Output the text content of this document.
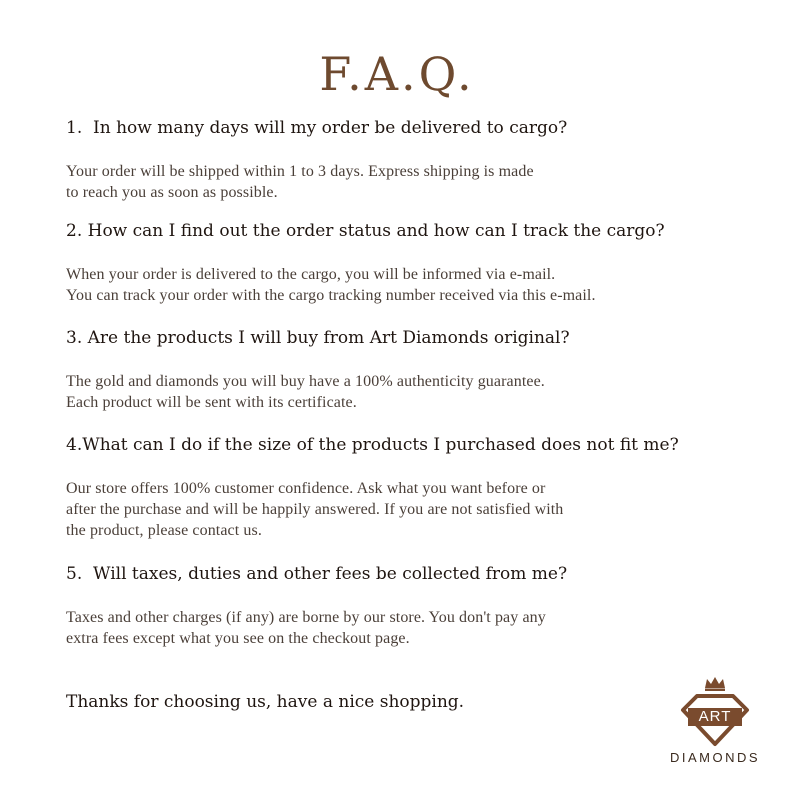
F.A.Q.
1.  In how many days will my order be delivered to cargo?
Your order will be shipped within 1 to 3 days. Express shipping is made
to reach you as soon as possible.
2. How can I find out the order status and how can I track the cargo?
When your order is delivered to the cargo, you will be informed via e-mail.
You can track your order with the cargo tracking number received via this e-mail.
3. Are the products I will buy from Art Diamonds original?
The gold and diamonds you will buy have a 100% authenticity guarantee.
Each product will be sent with its certificate.
4.What can I do if the size of the products I purchased does not fit me?
Our store offers 100% customer confidence. Ask what you want before or
after the purchase and will be happily answered. If you are not satisfied with
the product, please contact us.
5.  Will taxes, duties and other fees be collected from me?
Taxes and other charges (if any) are borne by our store. You don't pay any
extra fees except what you see on the checkout page.
Thanks for choosing us, have a nice shopping.
ART
DIAMONDS
